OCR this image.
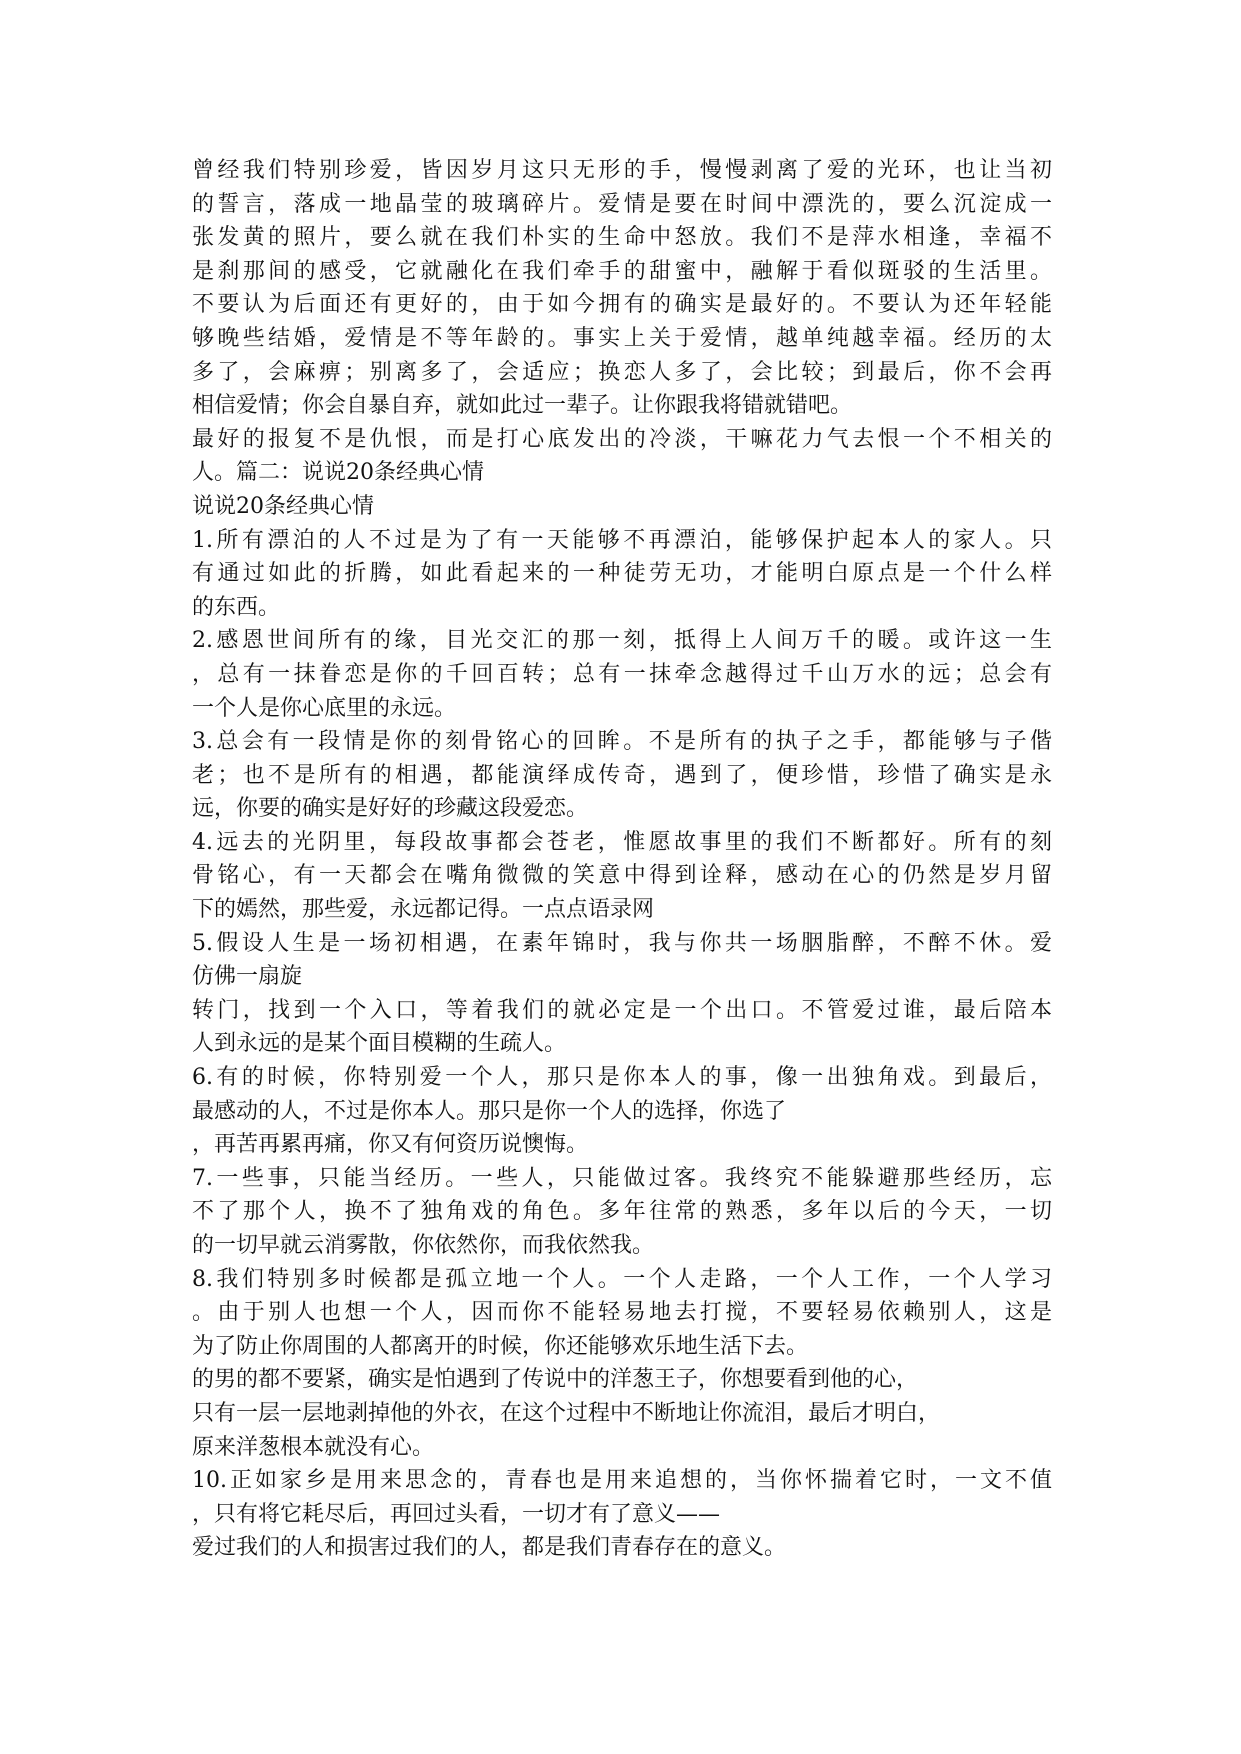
曾经我们特别珍爱，皆因岁月这只无形的手，慢慢剥离了爱的光环，也让当初
的誓言，落成一地晶莹的玻璃碎片。爱情是要在时间中漂洗的，要么沉淀成一
张发黄的照片，要么就在我们朴实的生命中怒放。我们不是萍水相逢，幸福不
是刹那间的感受，它就融化在我们牵手的甜蜜中，融解于看似斑驳的生活里。
不要认为后面还有更好的，由于如今拥有的确实是最好的。不要认为还年轻能
够晚些结婚，爱情是不等年龄的。事实上关于爱情，越单纯越幸福。经历的太
多了，会麻痹；别离多了，会适应；换恋人多了，会比较；到最后，你不会再
相信爱情；你会自暴自弃，就如此过一辈子。让你跟我将错就错吧。
最好的报复不是仇恨，而是打心底发出的冷淡，干嘛花力气去恨一个不相关的
人。篇二：说说20条经典心情
说说20条经典心情
1.所有漂泊的人不过是为了有一天能够不再漂泊，能够保护起本人的家人。只
有通过如此的折腾，如此看起来的一种徒劳无功，才能明白原点是一个什么样
的东西。
2.感恩世间所有的缘，目光交汇的那一刻，抵得上人间万千的暖。或许这一生
，总有一抹眷恋是你的千回百转；总有一抹牵念越得过千山万水的远；总会有
一个人是你心底里的永远。
3.总会有一段情是你的刻骨铭心的回眸。不是所有的执子之手，都能够与子偕
老；也不是所有的相遇，都能演绎成传奇，遇到了，便珍惜，珍惜了确实是永
远，你要的确实是好好的珍藏这段爱恋。
4.远去的光阴里，每段故事都会苍老，惟愿故事里的我们不断都好。所有的刻
骨铭心，有一天都会在嘴角微微的笑意中得到诠释，感动在心的仍然是岁月留
下的嫣然，那些爱，永远都记得。一点点语录网
5.假设人生是一场初相遇，在素年锦时，我与你共一场胭脂醉，不醉不休。爱
仿佛一扇旋
转门，找到一个入口，等着我们的就必定是一个出口。不管爱过谁，最后陪本
人到永远的是某个面目模糊的生疏人。
6.有的时候，你特别爱一个人，那只是你本人的事，像一出独角戏。到最后，
最感动的人，不过是你本人。那只是你一个人的选择，你选了
，再苦再累再痛，你又有何资历说懊悔。
7.一些事，只能当经历。一些人，只能做过客。我终究不能躲避那些经历，忘
不了那个人，换不了独角戏的角色。多年往常的熟悉，多年以后的今天，一切
的一切早就云消雾散，你依然你，而我依然我。
8.我们特别多时候都是孤立地一个人。一个人走路，一个人工作，一个人学习
。由于别人也想一个人，因而你不能轻易地去打搅，不要轻易依赖别人，这是
为了防止你周围的人都离开的时候，你还能够欢乐地生活下去。
的男的都不要紧，确实是怕遇到了传说中的洋葱王子，你想要看到他的心，
只有一层一层地剥掉他的外衣，在这个过程中不断地让你流泪，最后才明白，
原来洋葱根本就没有心。
10.正如家乡是用来思念的，青春也是用来追想的，当你怀揣着它时，一文不值
，只有将它耗尽后，再回过头看，一切才有了意义——
爱过我们的人和损害过我们的人，都是我们青春存在的意义。
